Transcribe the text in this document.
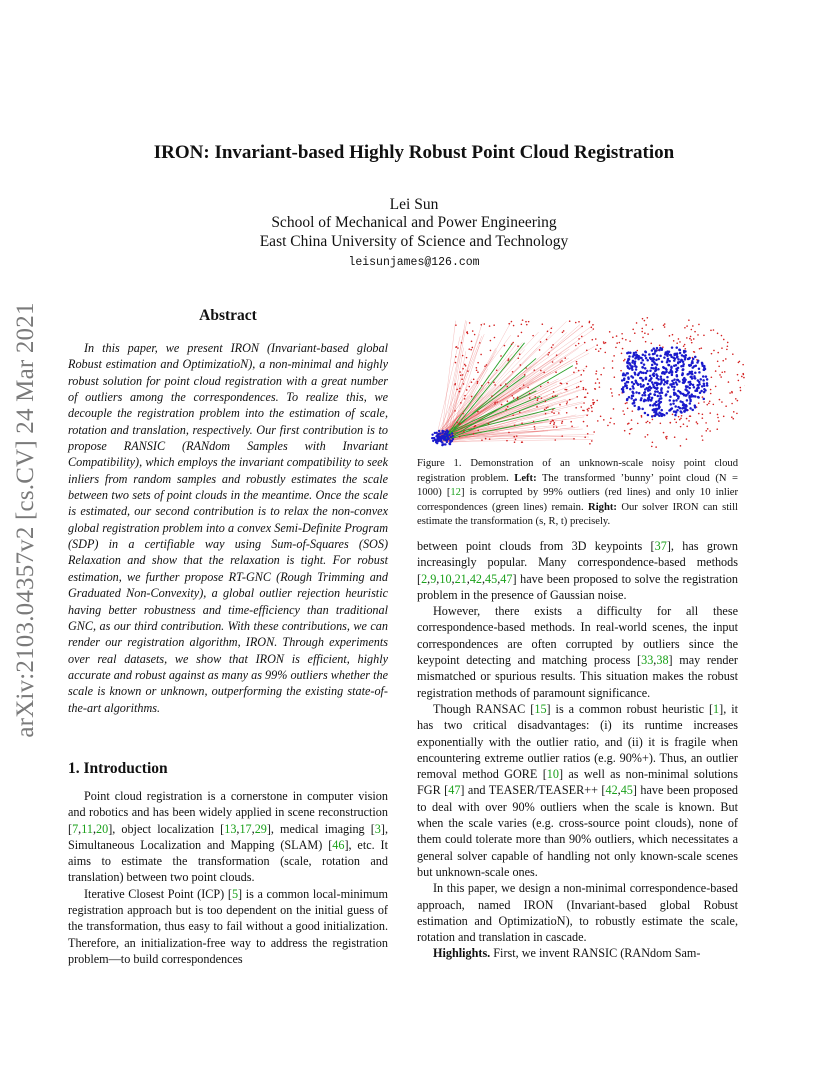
arXiv:2103.04357v2 [cs.CV] 24 Mar 2021
IRON: Invariant-based Highly Robust Point Cloud Registration
Lei Sun
School of Mechanical and Power Engineering
East China University of Science and Technology
leisunjames@126.com
Abstract
In this paper, we present IRON (Invariant-based global Robust estimation and OptimizatioN), a non-minimal and highly robust solution for point cloud registration with a great number of outliers among the correspondences. To realize this, we decouple the registration problem into the estimation of scale, rotation and translation, respectively. Our first contribution is to propose RANSIC (RANdom Samples with Invariant Compatibility), which employs the invariant compatibility to seek inliers from random samples and robustly estimates the scale between two sets of point clouds in the meantime. Once the scale is estimated, our second contribution is to relax the non-convex global registration problem into a convex Semi-Definite Program (SDP) in a certifiable way using Sum-of-Squares (SOS) Relaxation and show that the relaxation is tight. For robust estimation, we further propose RT-GNC (Rough Trimming and Graduated Non-Convexity), a global outlier rejection heuristic having better robustness and time-efficiency than traditional GNC, as our third contribution. With these contributions, we can render our registration algorithm, IRON. Through experiments over real datasets, we show that IRON is efficient, highly accurate and robust against as many as 99% outliers whether the scale is known or unknown, outperforming the existing state-of-the-art algorithms.
1. Introduction

Point cloud registration is a cornerstone in computer vision and robotics and has been widely applied in scene reconstruction [7,11,20], object localization [13,17,29], medical imaging [3], Simultaneous Localization and Mapping (SLAM) [46], etc. It aims to estimate the transformation (scale, rotation and translation) between two point clouds.

Iterative Closest Point (ICP) [5] is a common local-minimum registration approach but is too dependent on the initial guess of the transformation, thus easy to fail without a good initialization. Therefore, an initialization-free way to address the registration problem—to build correspondences

Figure 1. Demonstration of an unknown-scale noisy point cloud registration problem. Left: The transformed ’bunny’ point cloud (N = 1000) [12] is corrupted by 99% outliers (red lines) and only 10 inlier correspondences (green lines) remain. Right: Our solver IRON can still estimate the transformation (s, R, t) precisely.

between point clouds from 3D keypoints [37], has grown increasingly popular. Many correspondence-based methods [2,9,10,21,42,45,47] have been proposed to solve the registration problem in the presence of Gaussian noise.

However, there exists a difficulty for all these correspondence-based methods. In real-world scenes, the input correspondences are often corrupted by outliers since the keypoint detecting and matching process [33,38] may render mismatched or spurious results. This situation makes the robust registration methods of paramount significance.

Though RANSAC [15] is a common robust heuristic [1], it has two critical disadvantages: (i) its runtime increases exponentially with the outlier ratio, and (ii) it is fragile when encountering extreme outlier ratios (e.g. 90%+). Thus, an outlier removal method GORE [10] as well as non-minimal solutions FGR [47] and TEASER/TEASER++ [42,45] have been proposed to deal with over 90% outliers when the scale is known. But when the scale varies (e.g. cross-source point clouds), none of them could tolerate more than 90% outliers, which necessitates a general solver capable of handling not only known-scale scenes but unknown-scale ones.

In this paper, we design a non-minimal correspondence-based approach, named IRON (Invariant-based global Robust estimation and OptimizatioN), to robustly estimate the scale, rotation and translation in cascade.

Highlights. First, we invent RANSIC (RANdom Sam-
